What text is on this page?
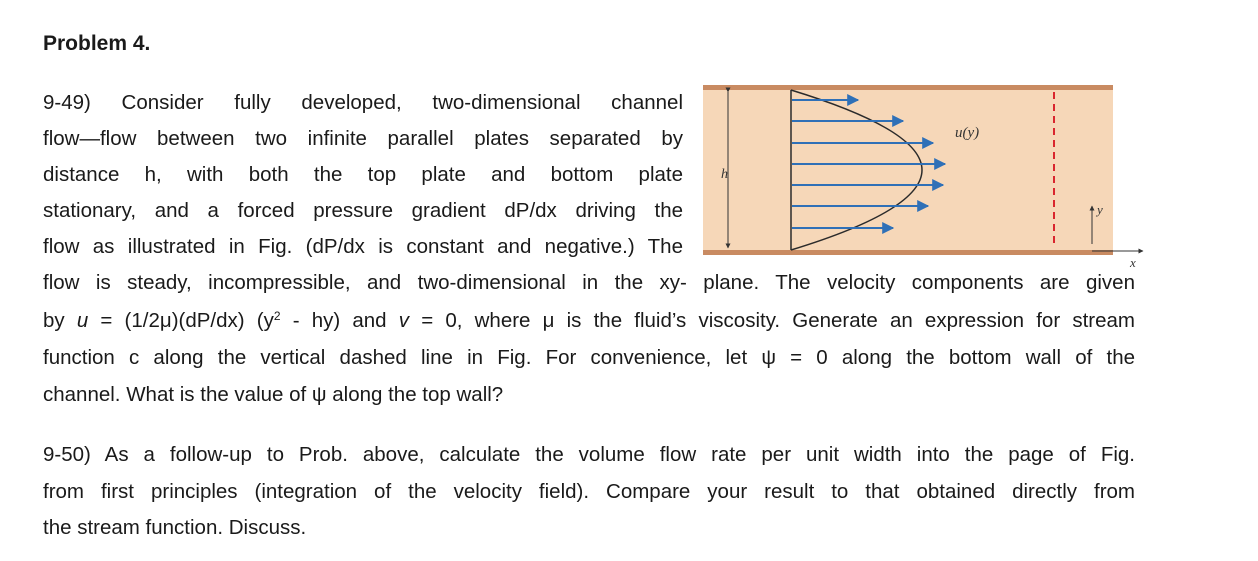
Problem 4.
9-49) Consider fully developed, two-dimensional channel
flow—flow between two infinite parallel plates separated by
distance h, with both the top plate and bottom plate
stationary, and a forced pressure gradient dP/dx driving the
flow as illustrated in Fig. (dP/dx is constant and negative.) The
flow is steady, incompressible, and two-dimensional in the xy- plane. The velocity components are given
by u = (1/2μ)(dP/dx) $(y^2 - hy)$ and v = 0, where μ is the fluid’s viscosity. Generate an expression for stream
function c along the vertical dashed line in Fig. For convenience, let ψ = 0 along the bottom wall of the
channel. What is the value of ψ along the top wall?
9-50) As a follow-up to Prob. above, calculate the volume flow rate per unit width into the page of Fig.
from first principles (integration of the velocity field). Compare your result to that obtained directly from
the stream function. Discuss.
h
u(y)
y
x
